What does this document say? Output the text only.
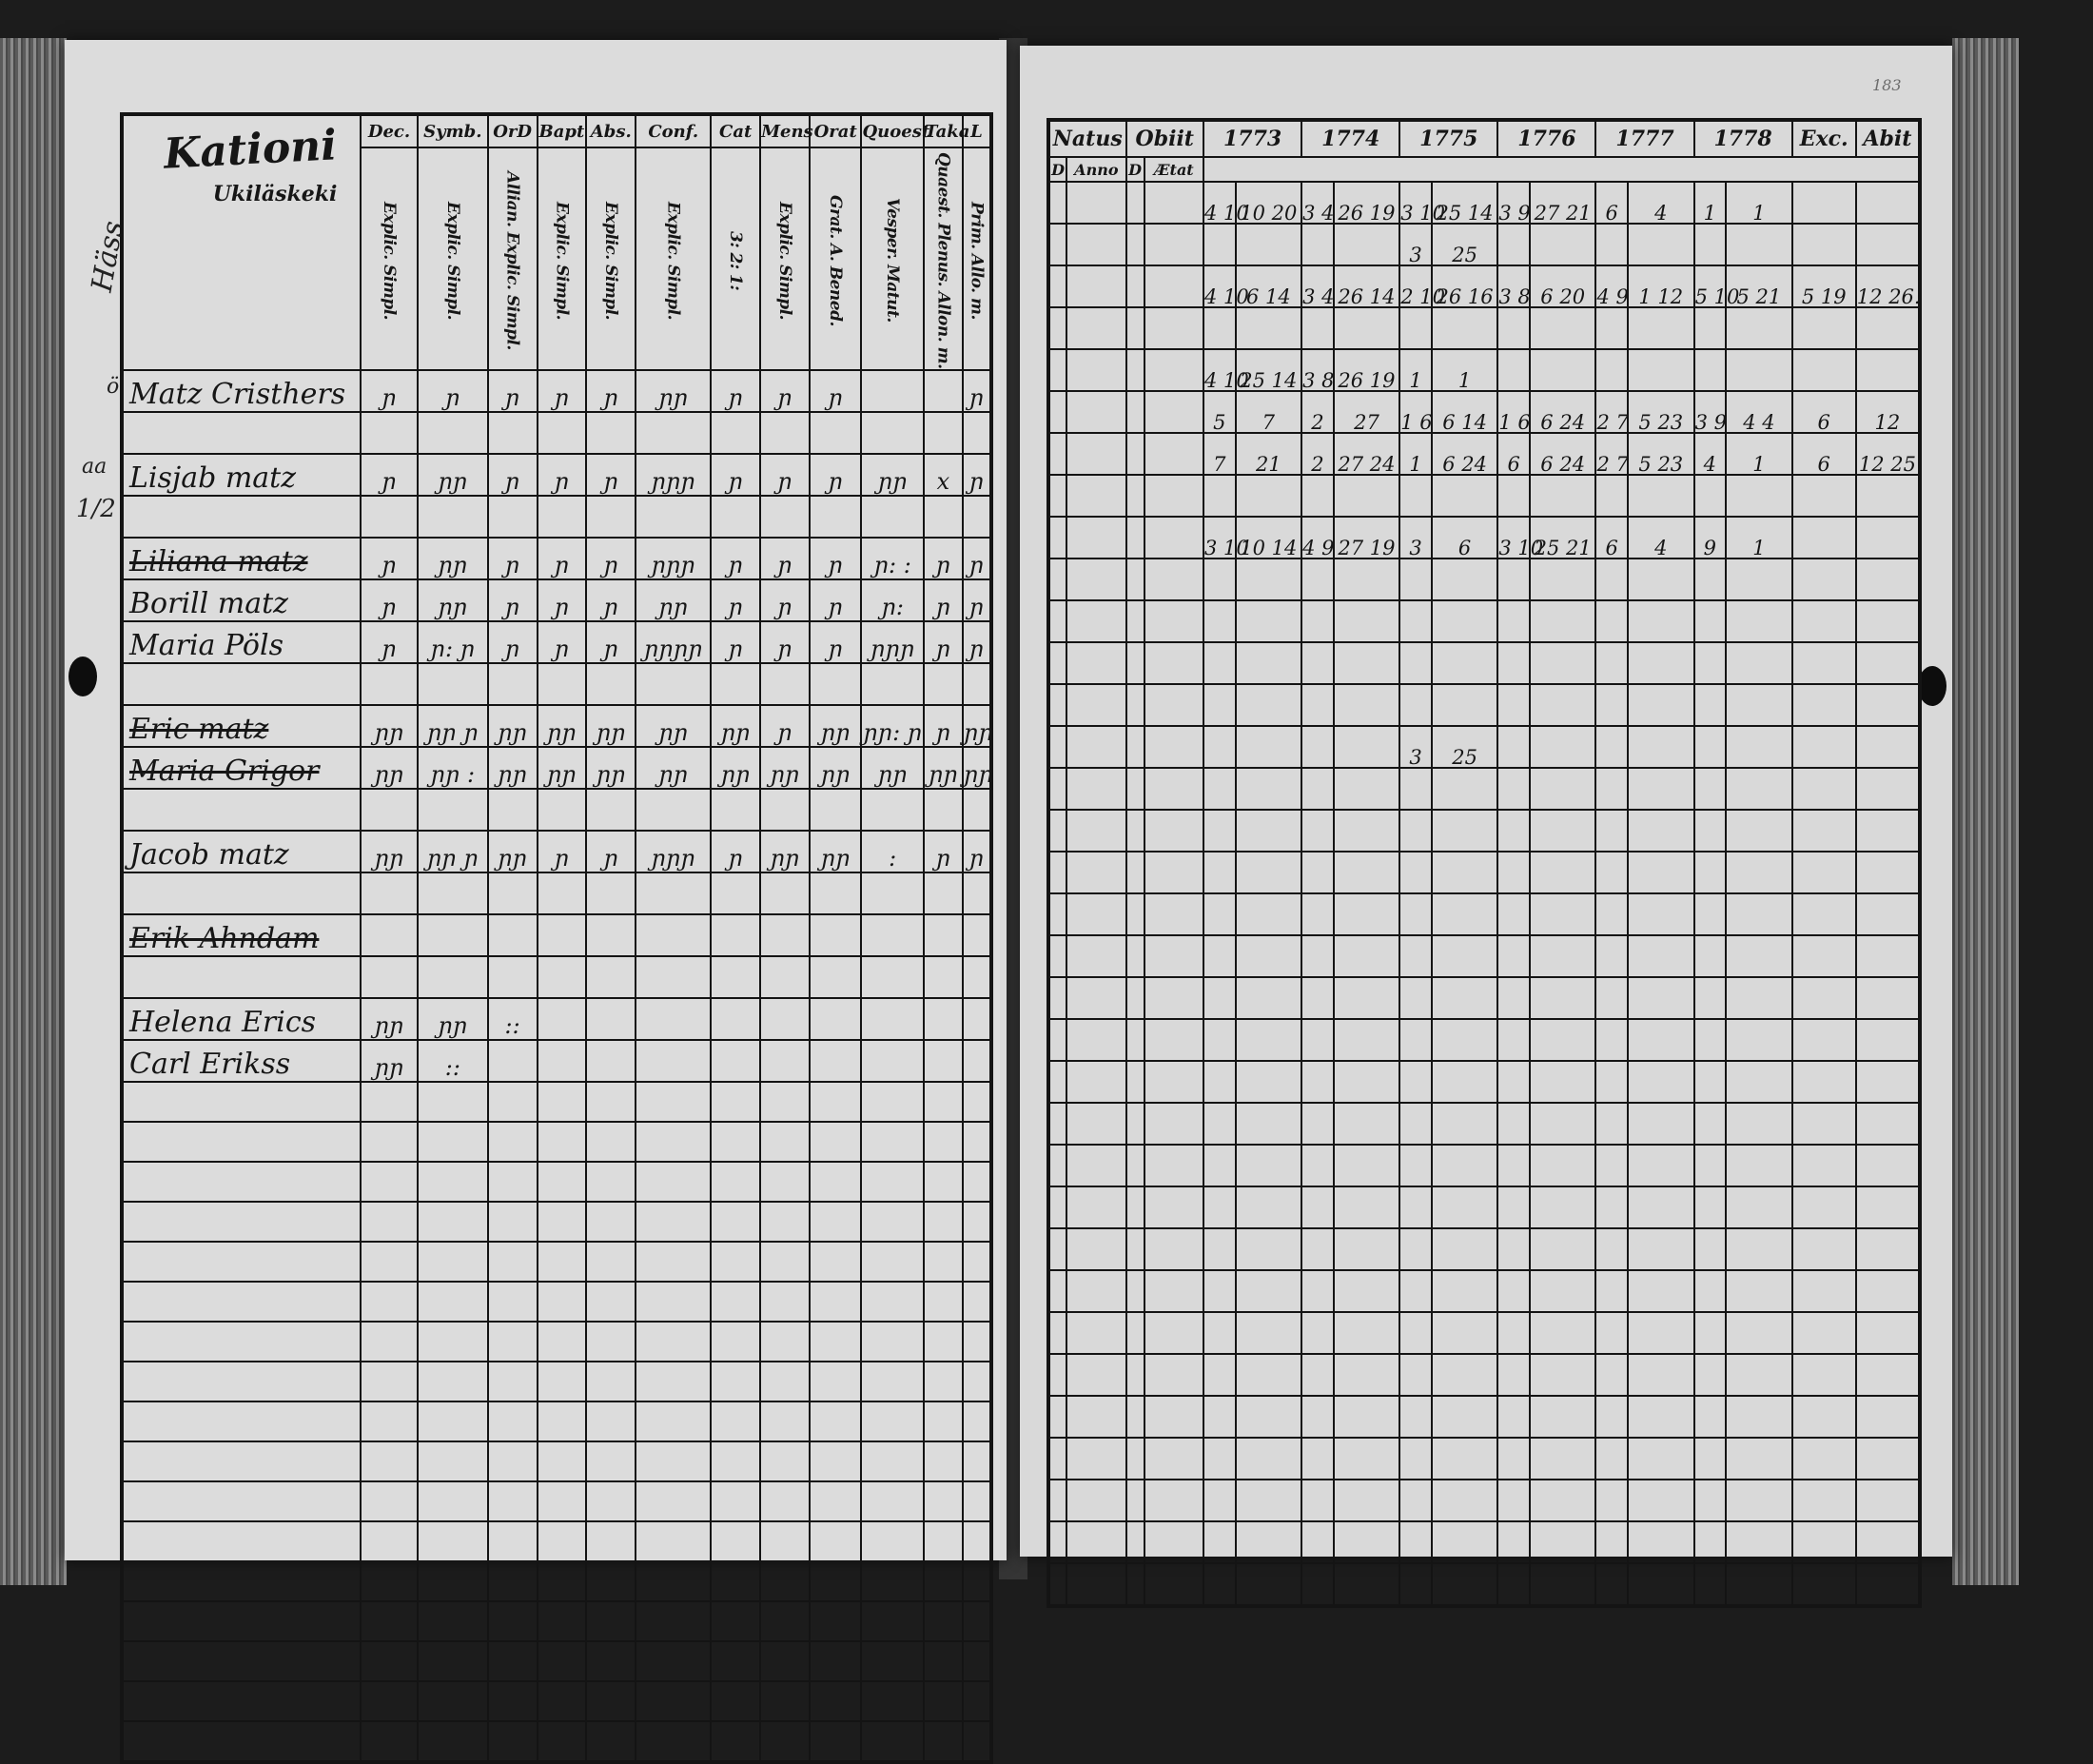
183
Häss
ö
aa
1/2
Kationi
Ukiläskeki	Dec.	Symb.	OrD	Bapt	Abs.	Conf.	Cat	Mens	Orat	Quoest	Taka	L

	Explic. Simpl.	Explic. Simpl.	Allian. Explic. Simpl.	Explic. Simpl.	Explic. Simpl.	Explic. Simpl.	3: 2: 1:	Explic. Simpl.	Grat. A. Bened.	Vesper. Matut.	Quaest. Plenus. Allon. m.	Prim. Allo. m.

Matz Cristhers	ɲ	ɲ	ɲ	ɲ	ɲ	ɲɲ	ɲ	ɲ	ɲ			ɲ

Lisjab matz	ɲ	ɲɲ	ɲ	ɲ	ɲ	ɲɲɲ	ɲ	ɲ	ɲ	ɲɲ	x	ɲ

Liliana matz	ɲ	ɲɲ	ɲ	ɲ	ɲ	ɲɲɲ	ɲ	ɲ	ɲ	ɲ: :	ɲ	ɲ
Borill matz	ɲ	ɲɲ	ɲ	ɲ	ɲ	ɲɲ	ɲ	ɲ	ɲ	ɲ:	ɲ	ɲ
Maria Pöls	ɲ	ɲ: ɲ	ɲ	ɲ	ɲ	ɲɲɲɲ	ɲ	ɲ	ɲ	ɲɲɲ	ɲ	ɲ

Eric matz	ɲɲ	ɲɲ ɲ	ɲɲ	ɲɲ	ɲɲ	ɲɲ	ɲɲ	ɲ	ɲɲ	ɲɲ: ɲ	ɲ	ɲɲ
Maria Grigor	ɲɲ	ɲɲ :	ɲɲ	ɲɲ	ɲɲ	ɲɲ	ɲɲ	ɲɲ	ɲɲ	ɲɲ	ɲɲ	ɲɲ

Jacob matz	ɲɲ	ɲɲ ɲ	ɲɲ	ɲ	ɲ	ɲɲɲ	ɲ	ɲɲ	ɲɲ	:	ɲ	ɲ

Erik Ahndam												

Helena Erics	ɲɲ	ɲɲ	::									
Carl Erikss	ɲɲ	::										

Natus		Obiit		1773		1774		1775		1776		1777		1778		Exc.	Abit
D	Anno	D	Ætat														
				4 10	10 20	3 4	26 19	3 10	25 14	3 9	27 21	6	4	1	1		
								3	25								
				4 10	6 14	3 4	26 14	2 10	26 16	3 8	6 20	4 9	1 12	5 10	5 21	5 19	12 26.

				4 10	25 14	3 8	26 19	1	1								
				5	7	2	27	1 6	6 14	1 6	6 24	2 7	5 23	3 9	4 4	6	12
				7	21	2	27 24	1	6 24	6	6 24	2 7	5 23	4	1	6	12 25

				3 10	10 14	4 9	27 19	3	6	3 10	25 21	6	4	9	1		

								3	25								
